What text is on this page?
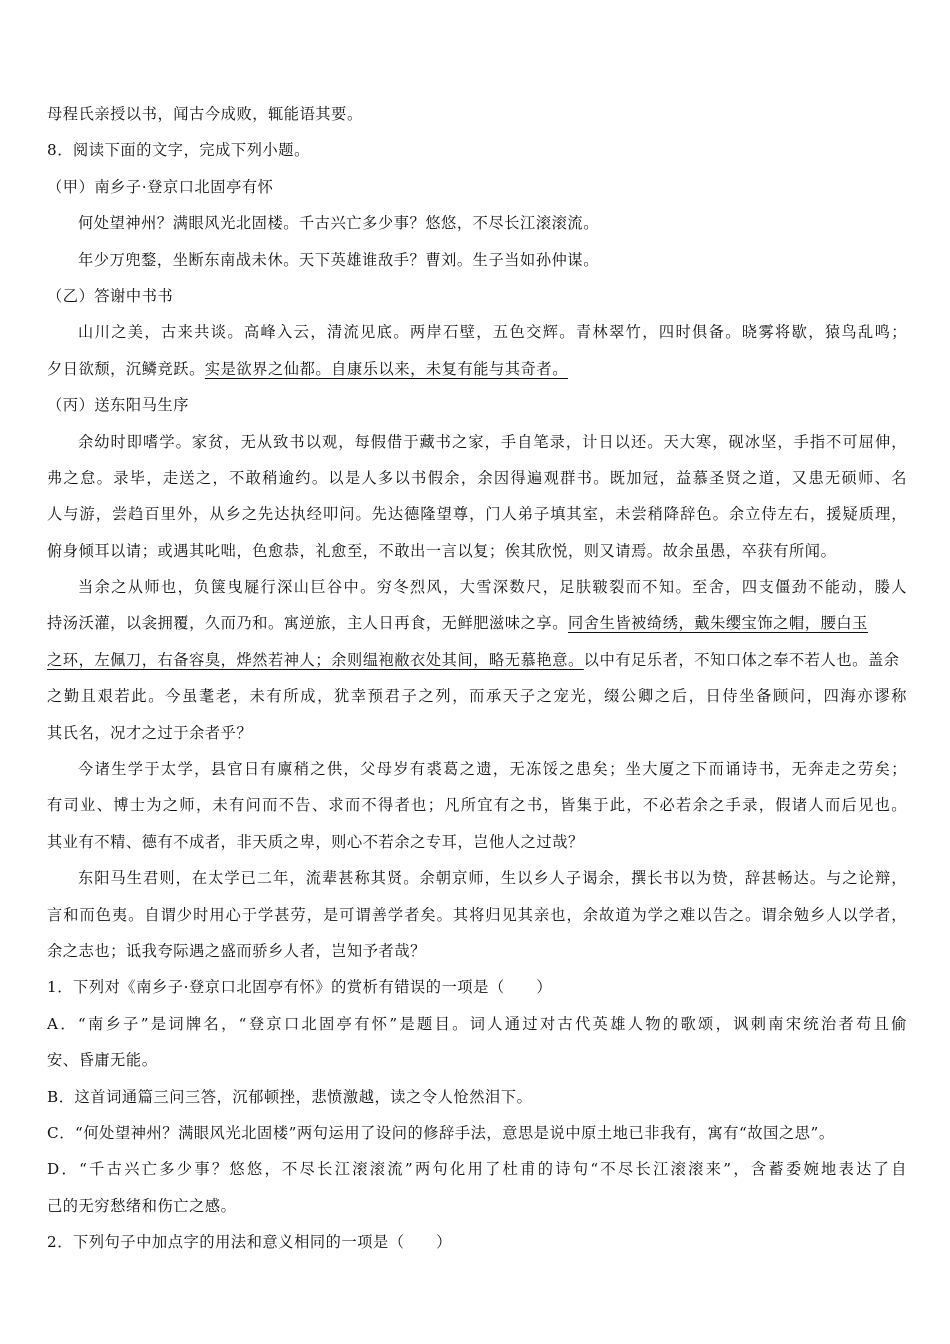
母程氏亲授以书，闻古今成败，辄能语其要。
8．阅读下面的文字，完成下列小题。
（甲）南乡子·登京口北固亭有怀
何处望神州？满眼风光北固楼。千古兴亡多少事？悠悠，不尽长江滚滚流。
年少万兜鍪，坐断东南战未休。天下英雄谁敌手？曹刘。生子当如孙仲谋。
（乙）答谢中书书
山川之美，古来共谈。高峰入云，清流见底。两岸石壁，五色交辉。青林翠竹，四时俱备。晓雾将歇，猿鸟乱鸣；
夕日欲颓，沉鳞竞跃。实是欲界之仙都。自康乐以来，未复有能与其奇者。
（丙）送东阳马生序
余幼时即嗜学。家贫，无从致书以观，每假借于藏书之家，手自笔录，计日以还。天大寒，砚冰坚，手指不可屈伸，
弗之怠。录毕，走送之，不敢稍逾约。以是人多以书假余，余因得遍观群书。既加冠，益慕圣贤之道，又患无硕师、名
人与游，尝趋百里外，从乡之先达执经叩问。先达德隆望尊，门人弟子填其室，未尝稍降辞色。余立侍左右，援疑质理，
俯身倾耳以请；或遇其叱咄，色愈恭，礼愈至，不敢出一言以复；俟其欣悦，则又请焉。故余虽愚，卒获有所闻。
当余之从师也，负箧曳屣行深山巨谷中。穷冬烈风，大雪深数尺，足肤皲裂而不知。至舍，四支僵劲不能动，媵人
持汤沃灌，以衾拥覆，久而乃和。寓逆旅，主人日再食，无鲜肥滋味之享。同舍生皆被绮绣，戴朱缨宝饰之帽，腰白玉
之环，左佩刀，右备容臭，烨然若神人；余则缊袍敝衣处其间，略无慕艳意。以中有足乐者，不知口体之奉不若人也。盖余
之勤且艰若此。今虽耄老，未有所成，犹幸预君子之列，而承天子之宠光，缀公卿之后，日侍坐备顾问，四海亦谬称
其氏名，况才之过于余者乎？
今诸生学于太学，县官日有廪稍之供，父母岁有裘葛之遗，无冻馁之患矣；坐大厦之下而诵诗书，无奔走之劳矣；
有司业、博士为之师，未有问而不告、求而不得者也；凡所宜有之书，皆集于此，不必若余之手录，假诸人而后见也。
其业有不精、德有不成者，非天质之卑，则心不若余之专耳，岂他人之过哉？
东阳马生君则，在太学已二年，流辈甚称其贤。余朝京师，生以乡人子谒余，撰长书以为贽，辞甚畅达。与之论辩，
言和而色夷。自谓少时用心于学甚劳，是可谓善学者矣。其将归见其亲也，余故道为学之难以告之。谓余勉乡人以学者，
余之志也；诋我夸际遇之盛而骄乡人者，岂知予者哉？
1．下列对《南乡子·登京口北固亭有怀》的赏析有错误的一项是（　　）
A．“南乡子”是词牌名，“登京口北固亭有怀”是题目。词人通过对古代英雄人物的歌颂，讽刺南宋统治者苟且偷
安、昏庸无能。
B．这首词通篇三问三答，沉郁顿挫，悲愤激越，读之令人怆然泪下。
C．“何处望神州？满眼风光北固楼”两句运用了设问的修辞手法，意思是说中原土地已非我有，寓有“故国之思”。
D．“千古兴亡多少事？悠悠，不尽长江滚滚流”两句化用了杜甫的诗句“不尽长江滚滚来”，含蓄委婉地表达了自
己的无穷愁绪和伤亡之感。
2．下列句子中加点字的用法和意义相同的一项是（　　）
